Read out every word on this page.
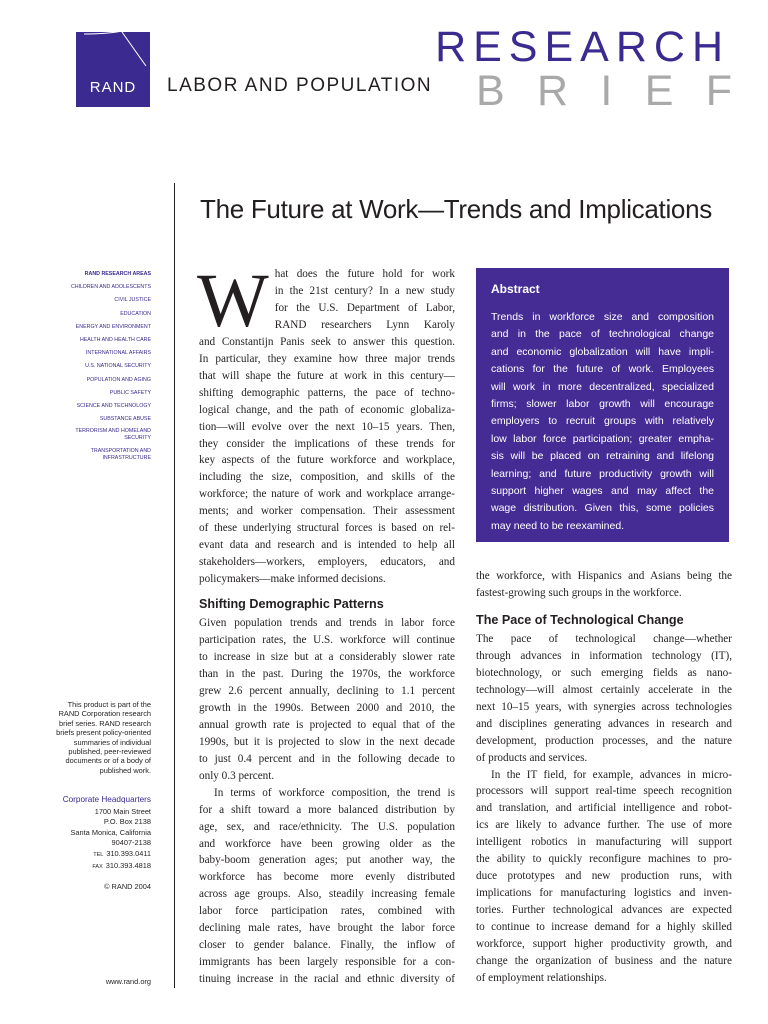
RAND	LABOR AND POPULATION
RESEARCH
B R I E F
The Future at Work—Trends and Implications
RAND RESEARCH AREAS
CHILDREN AND ADOLESCENTS
CIVIL JUSTICE
EDUCATION
ENERGY AND ENVIRONMENT
HEALTH AND HEALTH CARE
INTERNATIONAL AFFAIRS
U.S. NATIONAL SECURITY
POPULATION AND AGING
PUBLIC SAFETY
SCIENCE AND TECHNOLOGY
SUBSTANCE ABUSE
TERRORISM AND HOMELAND SECURITY
TRANSPORTATION AND INFRASTRUCTURE
This product is part of the
RAND Corporation research
brief series. RAND research
briefs present policy-oriented
summaries of individual
published, peer-reviewed
documents or of a body of
published work.
Corporate Headquarters
1700 Main Street
P.O. Box 2138
Santa Monica, California
90407-2138
TEL 310.393.0411
FAX 310.393.4818
© RAND 2004
www.rand.org
Abstract
Trends in workforce size and composition
and in the pace of technological change
and economic globalization will have impli-
cations for the future of work. Employees
will work in more decentralized, specialized
firms; slower labor growth will encourage
employers to recruit groups with relatively
low labor force participation; greater empha-
sis will be placed on retraining and lifelong
learning; and future productivity growth will
support higher wages and may affect the
wage distribution. Given this, some policies
may need to be reexamined.
W hat does the future hold for work
in the 21st century? In a new study
for the U.S. Department of Labor,
RAND researchers Lynn Karoly
and Constantijn Panis seek to answer this question.
In particular, they examine how three major trends
that will shape the future at work in this century—
shifting demographic patterns, the pace of techno-
logical change, and the path of economic globaliza-
tion—will evolve over the next 10–15 years. Then,
they consider the implications of these trends for
key aspects of the future workforce and workplace,
including the size, composition, and skills of the
workforce; the nature of work and workplace arrange-
ments; and worker compensation. Their assessment
of these underlying structural forces is based on rel-
evant data and research and is intended to help all
stakeholders—workers, employers, educators, and
policymakers—make informed decisions.

Shifting Demographic Patterns

Given population trends and trends in labor force
participation rates, the U.S. workforce will continue
to increase in size but at a considerably slower rate
than in the past. During the 1970s, the workforce
grew 2.6 percent annually, declining to 1.1 percent
growth in the 1990s. Between 2000 and 2010, the
annual growth rate is projected to equal that of the
1990s, but it is projected to slow in the next decade
to just 0.4 percent and in the following decade to
only 0.3 percent.
In terms of workforce composition, the trend is
for a shift toward a more balanced distribution by
age, sex, and race/ethnicity. The U.S. population
and workforce have been growing older as the
baby-boom generation ages; put another way, the
workforce has become more evenly distributed
across age groups. Also, steadily increasing female
labor force participation rates, combined with
declining male rates, have brought the labor force
closer to gender balance. Finally, the inflow of
immigrants has been largely responsible for a con-
tinuing increase in the racial and ethnic diversity of
the workforce, with Hispanics and Asians being the
fastest-growing such groups in the workforce.

The Pace of Technological Change

The pace of technological change—whether
through advances in information technology (IT),
biotechnology, or such emerging fields as nano-
technology—will almost certainly accelerate in the
next 10–15 years, with synergies across technologies
and disciplines generating advances in research and
development, production processes, and the nature
of products and services.
In the IT field, for example, advances in micro-
processors will support real-time speech recognition
and translation, and artificial intelligence and robot-
ics are likely to advance further. The use of more
intelligent robotics in manufacturing will support
the ability to quickly reconfigure machines to pro-
duce prototypes and new production runs, with
implications for manufacturing logistics and inven-
tories. Further technological advances are expected
to continue to increase demand for a highly skilled
workforce, support higher productivity growth, and
change the organization of business and the nature
of employment relationships.
